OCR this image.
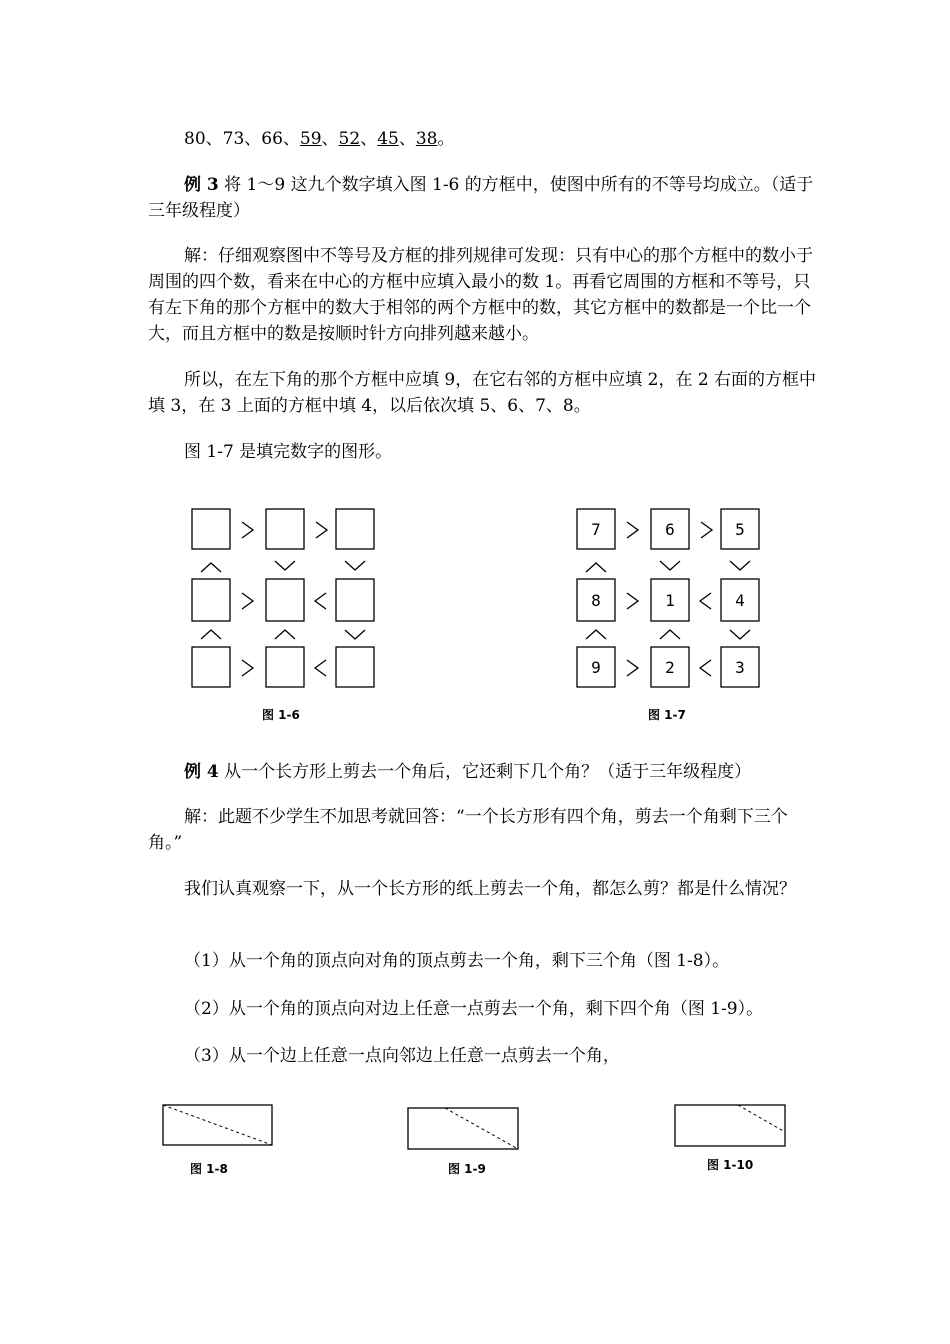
80、73、66、59、52、45、38。

例 3 将 1～9 这九个数字填入图 1-6 的方框中，使图中所有的不等号均成立。（适于三年级程度）

解：仔细观察图中不等号及方框的排列规律可发现：只有中心的那个方框中的数小于周围的四个数，看来在中心的方框中应填入最小的数 1。再看它周围的方框和不等号，只有左下角的那个方框中的数大于相邻的两个方框中的数，其它方框中的数都是一个比一个大，而且方框中的数是按顺时针方向排列越来越小。

所以，在左下角的那个方框中应填 9，在它右邻的方框中应填 2，在 2 右面的方框中填 3，在 3 上面的方框中填 4，以后依次填 5、6、7、8。

图 1-7 是填完数字的图形。

图 1-6
7	6	5
8	1	4
9	2	3
图 1-7

例 4 从一个长方形上剪去一个角后，它还剩下几个角？（适于三年级程度）

解：此题不少学生不加思考就回答：“一个长方形有四个角，剪去一个角剩下三个角。”

我们认真观察一下，从一个长方形的纸上剪去一个角，都怎么剪？都是什么情况？

（1）从一个角的顶点向对角的顶点剪去一个角，剩下三个角（图 1-8）。

（2）从一个角的顶点向对边上任意一点剪去一个角，剩下四个角（图 1-9）。

（3）从一个边上任意一点向邻边上任意一点剪去一个角，

图 1-8	图 1-9	图 1-10
